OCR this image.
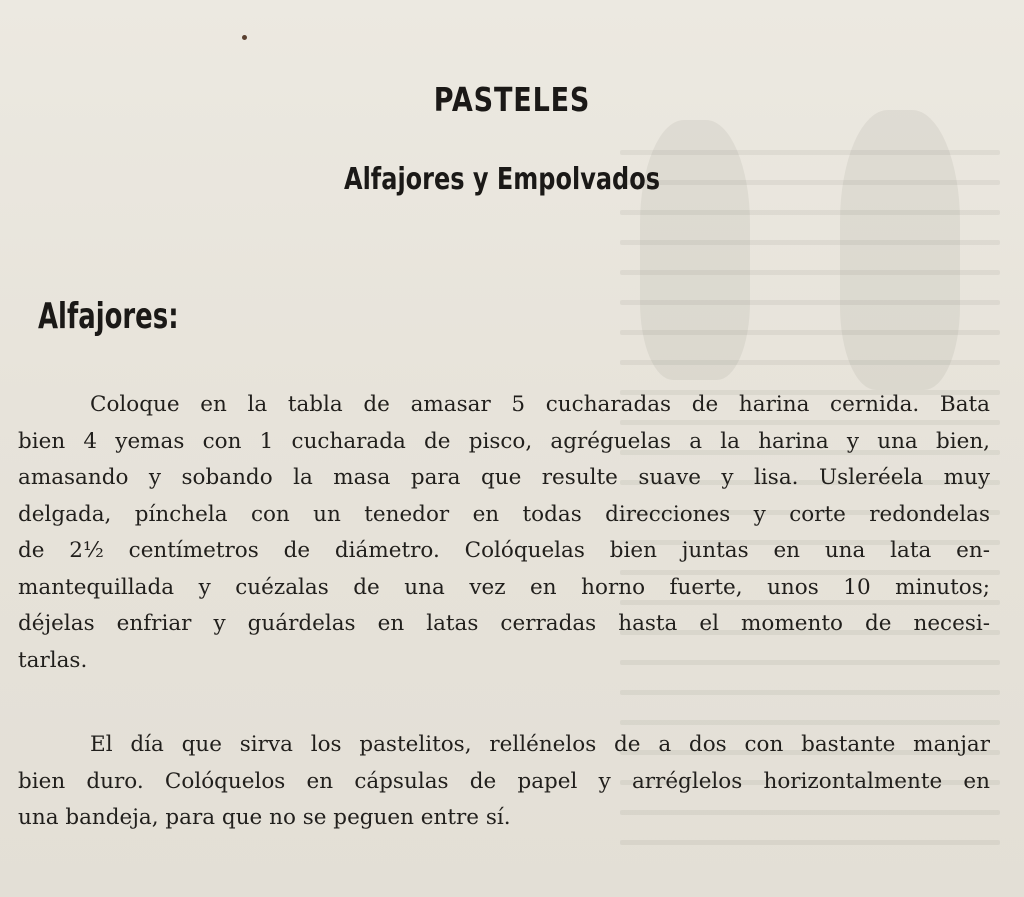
PASTELES
Alfajores y Empolvados
Alfajores:
Coloque en la tabla de amasar 5 cucharadas de harina cernida. Bata
bien 4 yemas con 1 cucharada de pisco, agréguelas a la harina y una bien,
amasando y sobando la masa para que resulte suave y lisa. Usleréela muy
delgada, pínchela con un tenedor en todas direcciones y corte redondelas
de 2½ centímetros de diámetro. Colóquelas bien juntas en una lata en-
mantequillada y cuézalas de una vez en horno fuerte, unos 10 minutos;
déjelas enfriar y guárdelas en latas cerradas hasta el momento de necesi-
tarlas.
El día que sirva los pastelitos, rellénelos de a dos con bastante manjar
bien duro. Colóquelos en cápsulas de papel y arréglelos horizontalmente en
una bandeja, para que no se peguen entre sí.
